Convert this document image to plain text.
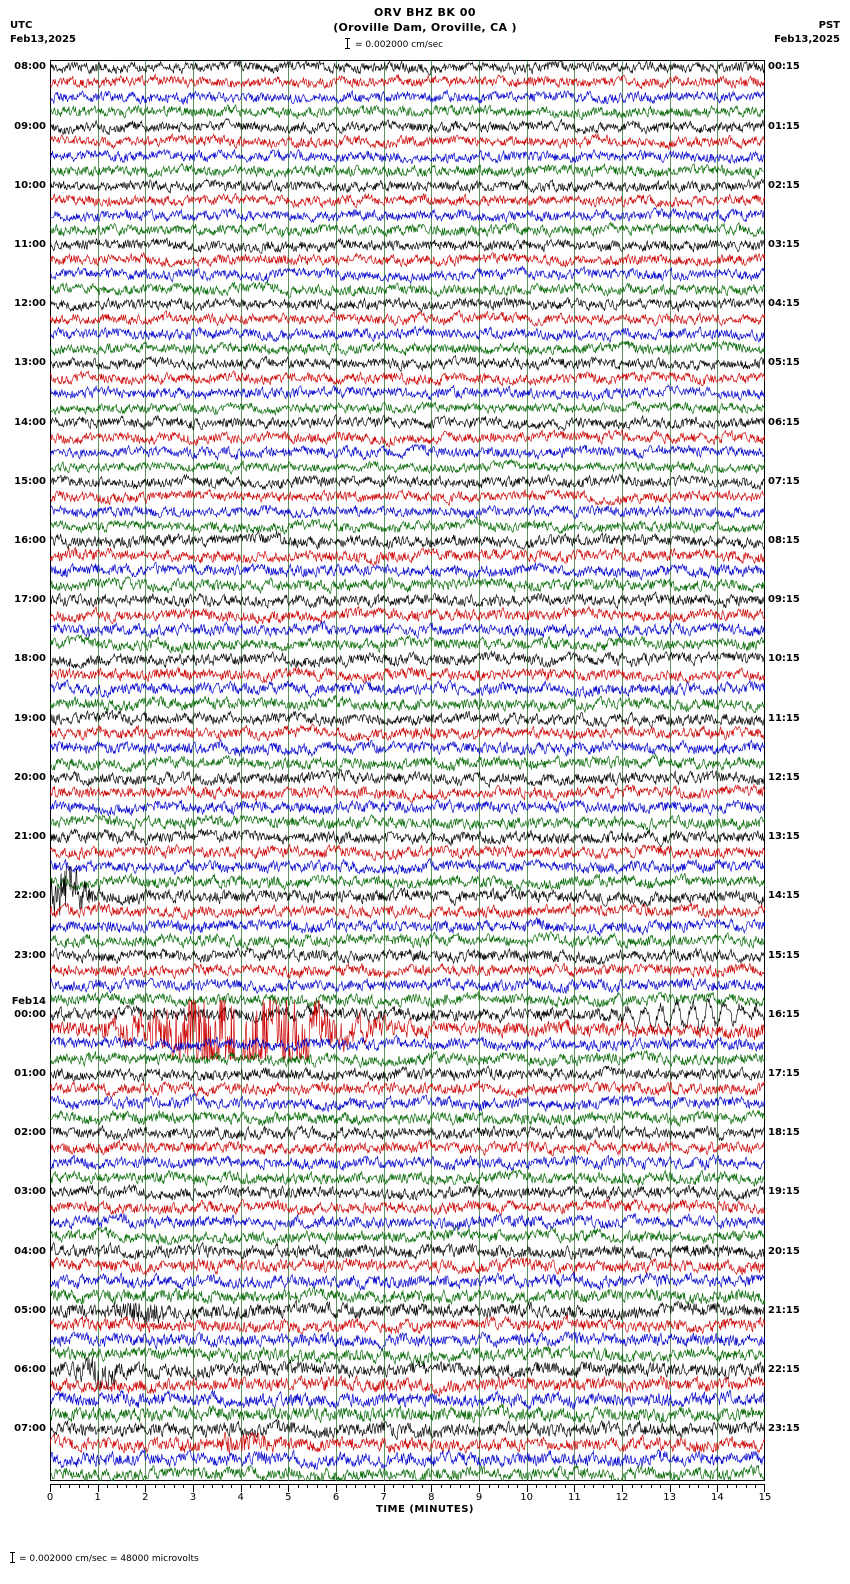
ORV BHZ BK 00
(Oroville Dam, Oroville, CA )
UTC
Feb13,2025
PST
Feb13,2025
= 0.002000 cm/sec
08:00	00:15
09:00	01:15
10:00	02:15
11:00	03:15
12:00	04:15
13:00	05:15
14:00	06:15
15:00	07:15
16:00	08:15
17:00	09:15
18:00	10:15
19:00	11:15
20:00	12:15
21:00	13:15
22:00	14:15
23:00	15:15
00:00	16:15
01:00	17:15
02:00	18:15
03:00	19:15
04:00	20:15
05:00	21:15
06:00	22:15
07:00	23:15
Feb14
0	1	2	3	4	5	6	7	8	9	10	11	12	13	14	15
TIME (MINUTES)
= 0.002000 cm/sec = 48000 microvolts
